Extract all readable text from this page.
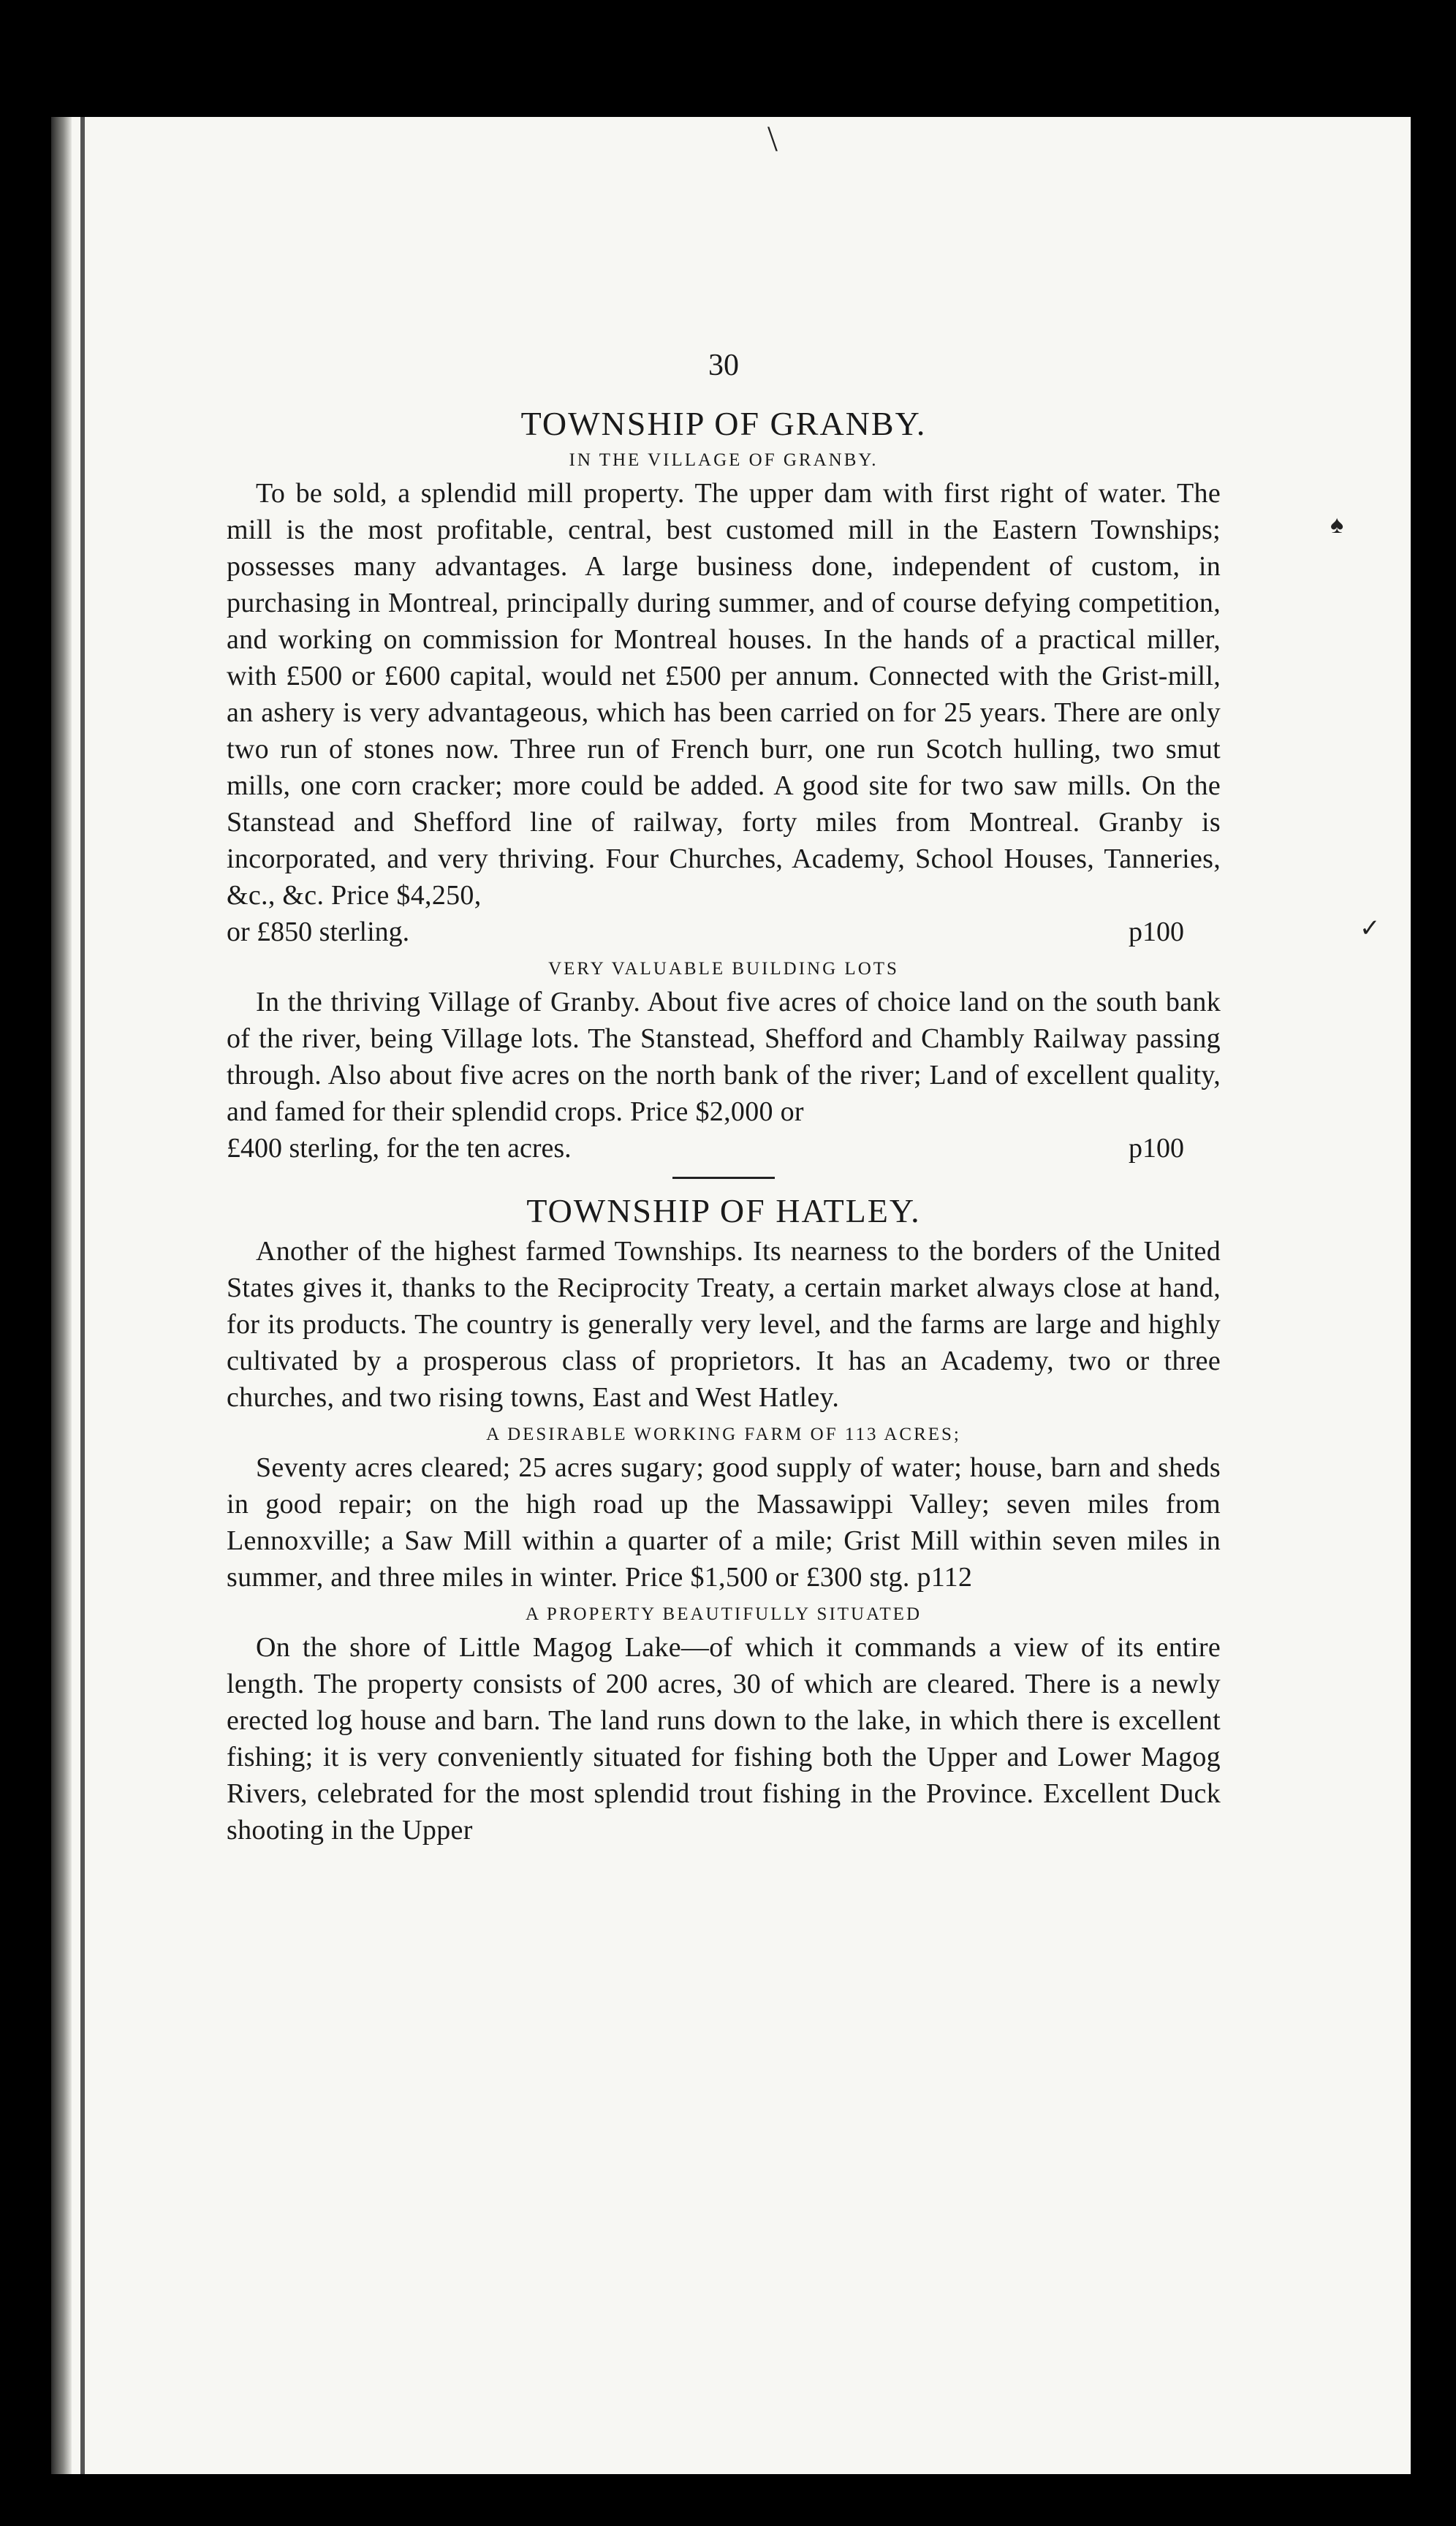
\
♠
✓
30
TOWNSHIP OF GRANBY.
IN THE VILLAGE OF GRANBY.

To be sold, a splendid mill property. The upper dam with first right of water. The mill is the most profitable, central, best customed mill in the Eastern Townships; possesses many advantages. A large business done, independent of custom, in purchasing in Montreal, principally during summer, and of course defying competition, and working on commission for Montreal houses. In the hands of a practical miller, with £500 or £600 capital, would net £500 per annum. Connected with the Grist-mill, an ashery is very advantageous, which has been carried on for 25 years. There are only two run of stones now. Three run of French burr, one run Scotch hulling, two smut mills, one corn cracker; more could be added. A good site for two saw mills. On the Stanstead and Shefford line of railway, forty miles from Montreal. Granby is incorporated, and very thriving. Four Churches, Academy, School Houses, Tanneries, &c., &c. Price $4,250,

or £850 sterling.	p100
VERY VALUABLE BUILDING LOTS

In the thriving Village of Granby. About five acres of choice land on the south bank of the river, being Village lots. The Stanstead, Shefford and Chambly Railway passing through. Also about five acres on the north bank of the river; Land of excellent quality, and famed for their splendid crops. Price $2,000 or

£400 sterling, for the ten acres.	p100
TOWNSHIP OF HATLEY.

Another of the highest farmed Townships. Its nearness to the borders of the United States gives it, thanks to the Reciprocity Treaty, a certain market always close at hand, for its products. The country is generally very level, and the farms are large and highly cultivated by a prosperous class of proprietors. It has an Academy, two or three churches, and two rising towns, East and West Hatley.

A DESIRABLE WORKING FARM OF 113 ACRES;

Seventy acres cleared; 25 acres sugary; good supply of water; house, barn and sheds in good repair; on the high road up the Massawippi Valley; seven miles from Lennoxville; a Saw Mill within a quarter of a mile; Grist Mill within seven miles in summer, and three miles in winter. Price $1,500 or £300 stg. p112

A PROPERTY BEAUTIFULLY SITUATED

On the shore of Little Magog Lake—of which it commands a view of its entire length. The property consists of 200 acres, 30 of which are cleared. There is a newly erected log house and barn. The land runs down to the lake, in which there is excellent fishing; it is very conveniently situated for fishing both the Upper and Lower Magog Rivers, celebrated for the most splendid trout fishing in the Province. Excellent Duck shooting in the Upper
